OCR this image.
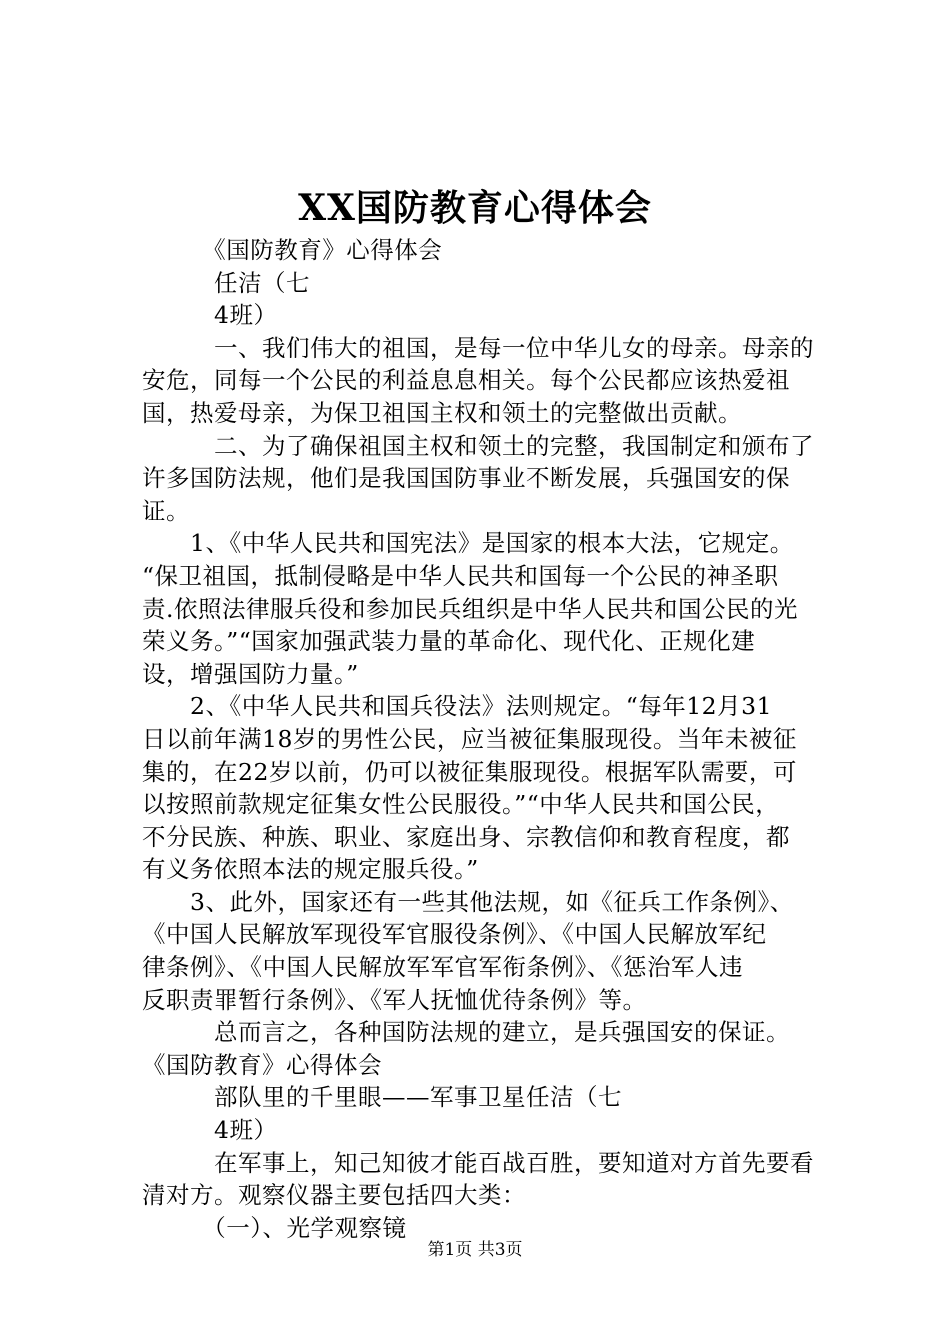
XX国防教育心得体会
　　　《国防教育》心得体会
　　　任洁（七
　　　4班）
　　　一、我们伟大的祖国，是每一位中华儿女的母亲。母亲的
安危，同每一个公民的利益息息相关。每个公民都应该热爱祖
国，热爱母亲，为保卫祖国主权和领土的完整做出贡献。
　　　二、为了确保祖国主权和领土的完整，我国制定和颁布了
许多国防法规，他们是我国国防事业不断发展，兵强国安的保
证。
　　1、《中华人民共和国宪法》是国家的根本大法，它规定。
“保卫祖国，抵制侵略是中华人民共和国每一个公民的神圣职
责.依照法律服兵役和参加民兵组织是中华人民共和国公民的光
荣义务。”“国家加强武装力量的革命化、现代化、正规化建
设，增强国防力量。”
　　2、《中华人民共和国兵役法》法则规定。“每年12月31
日以前年满18岁的男性公民，应当被征集服现役。当年未被征
集的，在22岁以前，仍可以被征集服现役。根据军队需要，可
以按照前款规定征集女性公民服役。”“中华人民共和国公民，
不分民族、种族、职业、家庭出身、宗教信仰和教育程度，都
有义务依照本法的规定服兵役。”
　　3、此外，国家还有一些其他法规，如《征兵工作条例》、
《中国人民解放军现役军官服役条例》、《中国人民解放军纪
律条例》、《中国人民解放军军官军衔条例》、《惩治军人违
反职责罪暂行条例》、《军人抚恤优待条例》等。
　　　总而言之，各种国防法规的建立，是兵强国安的保证。
《国防教育》心得体会
　　　部队里的千里眼——军事卫星任洁（七
　　　4班）
　　　在军事上，知己知彼才能百战百胜，要知道对方首先要看
清对方。观察仪器主要包括四大类：
　　　（一）、光学观察镜
第1页 共3页
